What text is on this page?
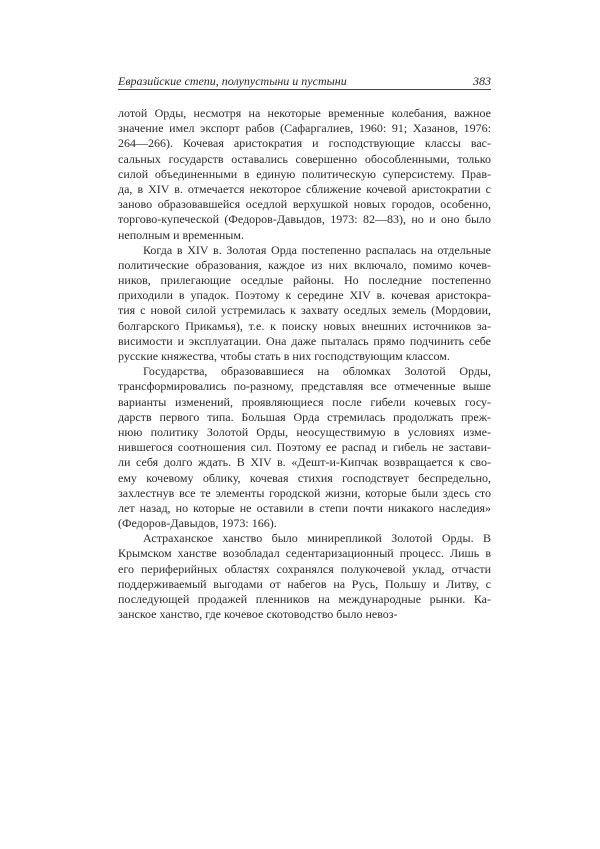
Евразийские степи, полупустыни и пустыни	383
лотой Орды, несмотря на некоторые временные колебания, важное
значение имел экспорт рабов (Сафаргалиев, 1960: 91; Хазанов, 1976:
264—266). Кочевая аристократия и господствующие классы вас-
сальных государств оставались совершенно обособленными, только
силой объединенными в единую политическую суперсистему. Прав-
да, в XIV в. отмечается некоторое сближение кочевой аристократии с
заново образовавшейся оседлой верхушкой новых городов, особенно,
торгово-купеческой (Федоров-Давыдов, 1973: 82—83), но и оно было
неполным и временным.
Когда в XIV в. Золотая Орда постепенно распалась на отдельные
политические образования, каждое из них включало, помимо кочев-
ников, прилегающие оседлые районы. Но последние постепенно
приходили в упадок. Поэтому к середине XIV в. кочевая аристокра-
тия с новой силой устремилась к захвату оседлых земель (Мордовии,
болгарского Прикамья), т.е. к поиску новых внешних источников за-
висимости и эксплуатации. Она даже пыталась прямо подчинить себе
русские княжества, чтобы стать в них господствующим классом.
Государства, образовавшиеся на обломках Золотой Орды,
трансформировались по-разному, представляя все отмеченные выше
варианты изменений, проявляющиеся после гибели кочевых госу-
дарств первого типа. Большая Орда стремилась продолжать преж-
нюю политику Золотой Орды, неосуществимую в условиях изме-
нившегося соотношения сил. Поэтому ее распад и гибель не застави-
ли себя долго ждать. В XIV в. «Дешт-и-Кипчак возвращается к сво-
ему кочевому облику, кочевая стихия господствует беспредельно,
захлестнув все те элементы городской жизни, которые были здесь сто
лет назад, но которые не оставили в степи почти никакого наследия»
(Федоров-Давыдов, 1973: 166).
Астраханское ханство было минирепликой Золотой Орды. В
Крымском ханстве возобладал седентаризационный процесс. Лишь в
его периферийных областях сохранялся полукочевой уклад, отчасти
поддерживаемый выгодами от набегов на Русь, Польшу и Литву, с
последующей продажей пленников на международные рынки. Ка-
занское ханство, где кочевое скотоводство было невоз-
